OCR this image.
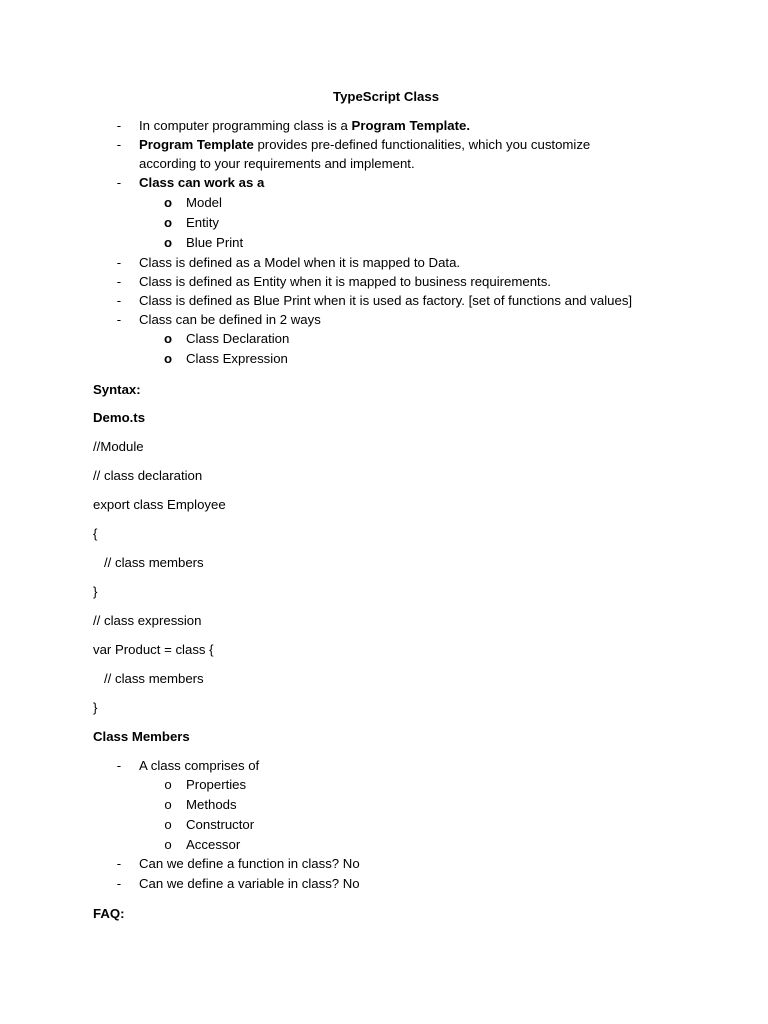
TypeScript Class
- In computer programming class is a Program Template.
- Program Template provides pre-defined functionalities, which you customize
according to your requirements and implement.
- Class can work as a
o Model
o Entity
o Blue Print
- Class is defined as a Model when it is mapped to Data.
- Class is defined as Entity when it is mapped to business requirements.
- Class is defined as Blue Print when it is used as factory. [set of functions and values]
- Class can be defined in 2 ways
o Class Declaration
o Class Expression
Syntax:
Demo.ts
//Module
// class declaration
export class Employee
{
// class members
}
// class expression
var Product = class {
// class members
}
Class Members
- A class comprises of
o Properties
o Methods
o Constructor
o Accessor
- Can we define a function in class? No
- Can we define a variable in class? No
FAQ:
